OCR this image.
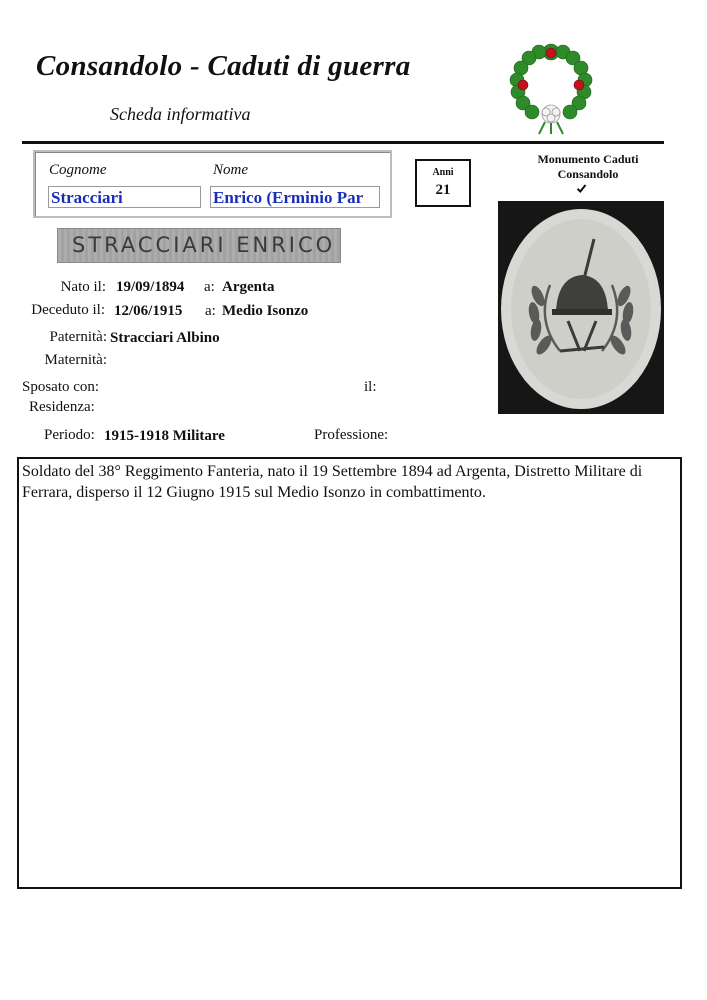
Consandolo - Caduti di guerra
Scheda informativa
Cognome	Nome
Stracciari	Enrico (Erminio Par
Anni
21
Monumento Caduti Consandolo
STRACCIARI ENRICO
Nato il: 19/09/1894 a: Argenta
Deceduto il: 12/06/1915 a: Medio Isonzo
Paternità: Stracciari Albino
Maternità:
Sposato con:	il:
Residenza:
Periodo: 1915-1918 Militare	Professione:
Soldato del 38° Reggimento Fanteria, nato il 19 Settembre 1894 ad Argenta, Distretto Militare di Ferrara, disperso il 12 Giugno 1915 sul Medio Isonzo in combattimento.
